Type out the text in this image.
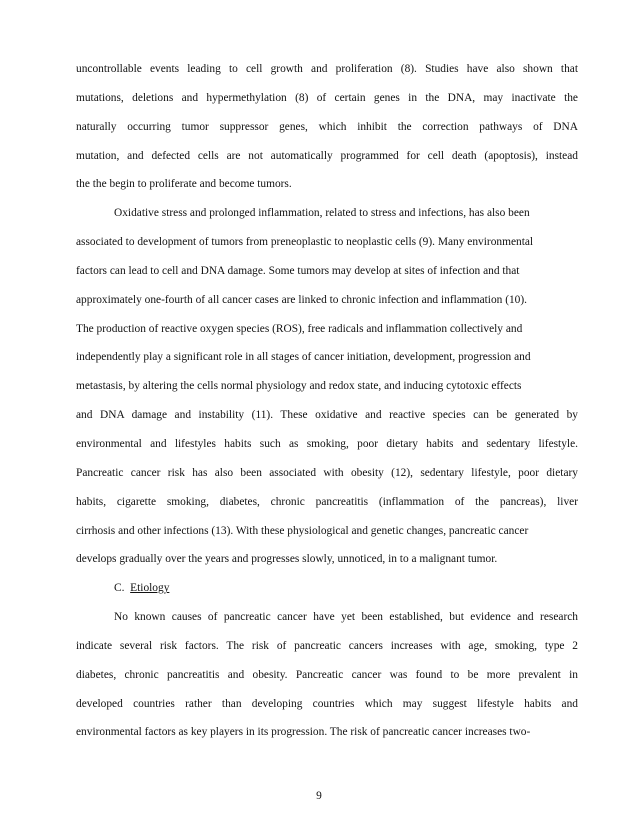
uncontrollable events leading to cell growth and proliferation (8). Studies have also shown that
mutations, deletions and hypermethylation (8) of certain genes in the DNA, may inactivate the
naturally occurring tumor suppressor genes, which inhibit the correction pathways of DNA
mutation, and defected cells are not automatically programmed for cell death (apoptosis), instead
the the begin to proliferate and become tumors.
Oxidative stress and prolonged inflammation, related to stress and infections, has also been
associated to development of tumors from preneoplastic to neoplastic cells (9). Many environmental
factors can lead to cell and DNA damage. Some tumors may develop at sites of infection and that
approximately one-fourth of all cancer cases are linked to chronic infection and inflammation (10).
The production of reactive oxygen species (ROS), free radicals and inflammation collectively and
independently play a significant role in all stages of cancer initiation, development, progression and
metastasis, by altering the cells normal physiology and redox state, and inducing cytotoxic effects
and DNA damage and instability (11). These oxidative and reactive species can be generated by
environmental and lifestyles habits such as smoking, poor dietary habits and sedentary lifestyle.
Pancreatic cancer risk has also been associated with obesity (12), sedentary lifestyle, poor dietary
habits, cigarette smoking, diabetes, chronic pancreatitis (inflammation of the pancreas), liver
cirrhosis and other infections (13). With these physiological and genetic changes, pancreatic cancer
develops gradually over the years and progresses slowly, unnoticed, in to a malignant tumor.
C. Etiology
No known causes of pancreatic cancer have yet been established, but evidence and research
indicate several risk factors. The risk of pancreatic cancers increases with age, smoking, type 2
diabetes, chronic pancreatitis and obesity. Pancreatic cancer was found to be more prevalent in
developed countries rather than developing countries which may suggest lifestyle habits and
environmental factors as key players in its progression. The risk of pancreatic cancer increases two-
9
